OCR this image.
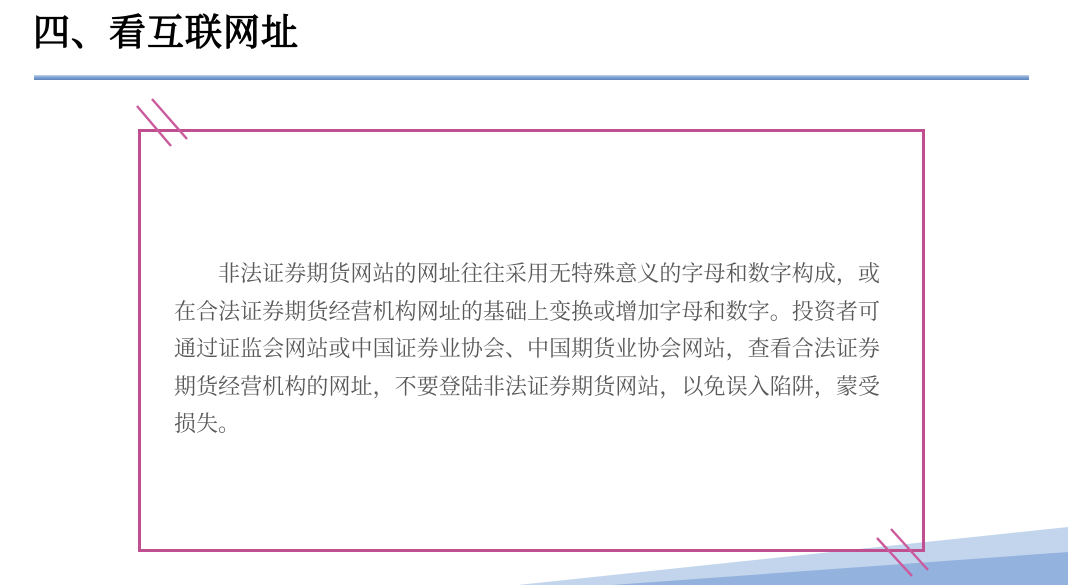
四、看互联网址

非法证券期货网站的网址往往采用无特殊意义的字母和数字构成，或在合法证券期货经营机构网址的基础上变换或增加字母和数字。投资者可通过证监会网站或中国证券业协会、中国期货业协会网站，查看合法证券期货经营机构的网址，不要登陆非法证券期货网站，以免误入陷阱，蒙受损失。
